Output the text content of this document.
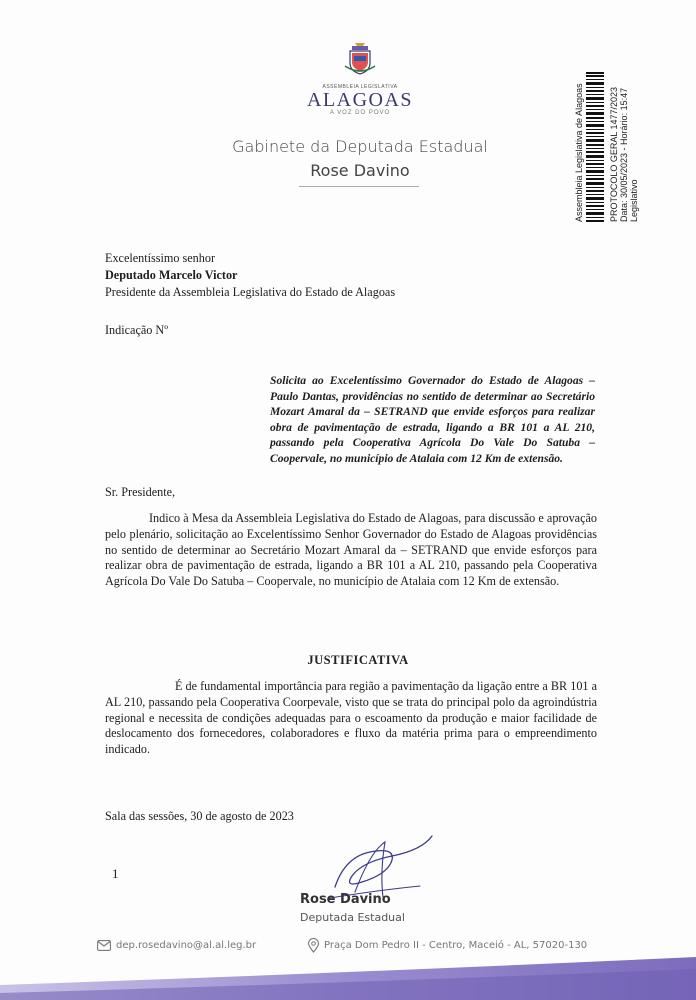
ASSEMBLEIA LEGISLATIVA
ALAGOAS
A VOZ DO POVO
Gabinete da Deputada Estadual
Rose Davino	Assembleia Legislativa de Alagoas	PROTOCOLO GERAL 1477/2023 Data: 30/05/2023 - Horário: 15:47 Legislativo
Excelentíssimo senhor
Deputado Marcelo Victor
Presidente da Assembleia Legislativa do Estado de Alagoas
Indicação Nº
Solicita ao Excelentíssimo Governador do Estado de Alagoas – Paulo Dantas, providências no sentido de determinar ao Secretário Mozart Amaral da – SETRAND que envide esforços para realizar obra de pavimentação de estrada, ligando a BR 101 a AL 210, passando pela Cooperativa Agrícola Do Vale Do Satuba – Coopervale, no município de Atalaia com 12 Km de extensão.
Sr. Presidente,
Indico à Mesa da Assembleia Legislativa do Estado de Alagoas, para discussão e aprovação pelo plenário, solicitação ao Excelentíssimo Senhor Governador do Estado de Alagoas providências no sentido de determinar ao Secretário Mozart Amaral da – SETRAND que envide esforços para realizar obra de pavimentação de estrada, ligando a BR 101 a AL 210, passando pela Cooperativa Agrícola Do Vale Do Satuba – Coopervale, no município de Atalaia com 12 Km de extensão.
JUSTIFICATIVA
É de fundamental importância para região a pavimentação da ligação entre a BR 101 a AL 210, passando pela Cooperativa Coorpevale, visto que se trata do principal polo da agroindústria regional e necessita de condições adequadas para o escoamento da produção e maior facilidade de deslocamento dos fornecedores, colaboradores e fluxo da matéria prima para o empreendimento indicado.
Sala das sessões, 30 de agosto de 2023
1
Rose Davino
Deputada Estadual
dep.rosedavino@al.al.leg.br	Praça Dom Pedro II - Centro, Maceió - AL, 57020-130
